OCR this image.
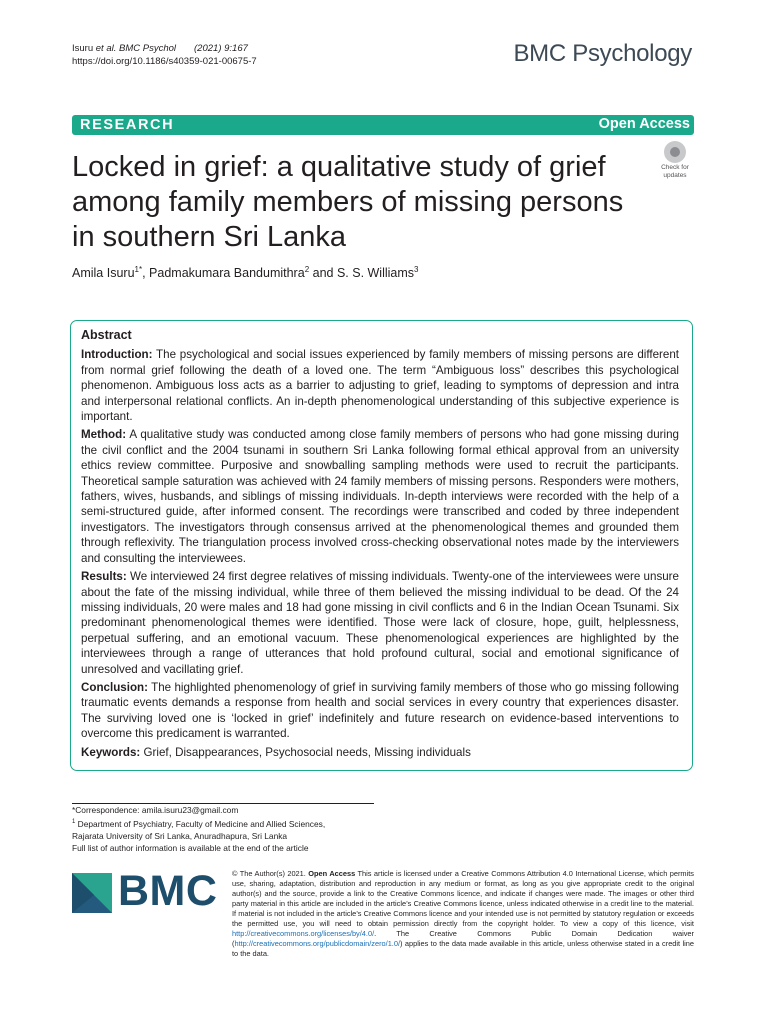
Isuru et al. BMC Psychol (2021) 9:167
https://doi.org/10.1186/s40359-021-00675-7	BMC Psychology
RESEARCH	Open Access
Locked in grief: a qualitative study of grief among family members of missing persons in southern Sri Lanka
Check for
updates
Amila Isuru$^{1*}$, Padmakumara Bandumithra$^2$ and S. S. Williams$^3$
Abstract

Introduction: The psychological and social issues experienced by family members of missing persons are different from normal grief following the death of a loved one. The term “Ambiguous loss” describes this psychological phenomenon. Ambiguous loss acts as a barrier to adjusting to grief, leading to symptoms of depression and intra and interpersonal relational conflicts. An in-depth phenomenological understanding of this subjective experience is important.

Method: A qualitative study was conducted among close family members of persons who had gone missing during the civil conflict and the 2004 tsunami in southern Sri Lanka following formal ethical approval from an university ethics review committee. Purposive and snowballing sampling methods were used to recruit the participants. Theoretical sample saturation was achieved with 24 family members of missing persons. Responders were mothers, fathers, wives, husbands, and siblings of missing individuals. In-depth interviews were recorded with the help of a semi-structured guide, after informed consent. The recordings were transcribed and coded by three independent investigators. The investigators through consensus arrived at the phenomenological themes and grounded them through reflexivity. The triangulation process involved cross-checking observational notes made by the interviewers and consulting the interviewees.

Results: We interviewed 24 first degree relatives of missing individuals. Twenty-one of the interviewees were unsure about the fate of the missing individual, while three of them believed the missing individual to be dead. Of the 24 missing individuals, 20 were males and 18 had gone missing in civil conflicts and 6 in the Indian Ocean Tsunami. Six predominant phenomenological themes were identified. Those were lack of closure, hope, guilt, helplessness, perpetual suffering, and an emotional vacuum. These phenomenological experiences are highlighted by the interviewees through a range of utterances that hold profound cultural, social and emotional significance of unresolved and vacillating grief.

Conclusion: The highlighted phenomenology of grief in surviving family members of those who go missing following traumatic events demands a response from health and social services in every country that experiences disaster. The surviving loved one is ‘locked in grief’ indefinitely and future research on evidence-based interventions to overcome this predicament is warranted.

Keywords: Grief, Disappearances, Psychosocial needs, Missing individuals

*Correspondence: amila.isuru23@gmail.com
$^1$ Department of Psychiatry, Faculty of Medicine and Allied Sciences,
Rajarata University of Sri Lanka, Anuradhapura, Sri Lanka
Full list of author information is available at the end of the article
BMC © The Author(s) 2021. Open Access This article is licensed under a Creative Commons Attribution 4.0 International License, which permits use, sharing, adaptation, distribution and reproduction in any medium or format, as long as you give appropriate credit to the original author(s) and the source, provide a link to the Creative Commons licence, and indicate if changes were made. The images or other third party material in this article are included in the article’s Creative Commons licence, unless indicated otherwise in a credit line to the material. If material is not included in the article’s Creative Commons licence and your intended use is not permitted by statutory regulation or exceeds the permitted use, you will need to obtain permission directly from the copyright holder. To view a copy of this licence, visit http://creativecommons.org/licenses/by/4.0/. The Creative Commons Public Domain Dedication waiver (http://creativecommons.org/publicdomain/zero/1.0/) applies to the data made available in this article, unless otherwise stated in a credit line to the data.
